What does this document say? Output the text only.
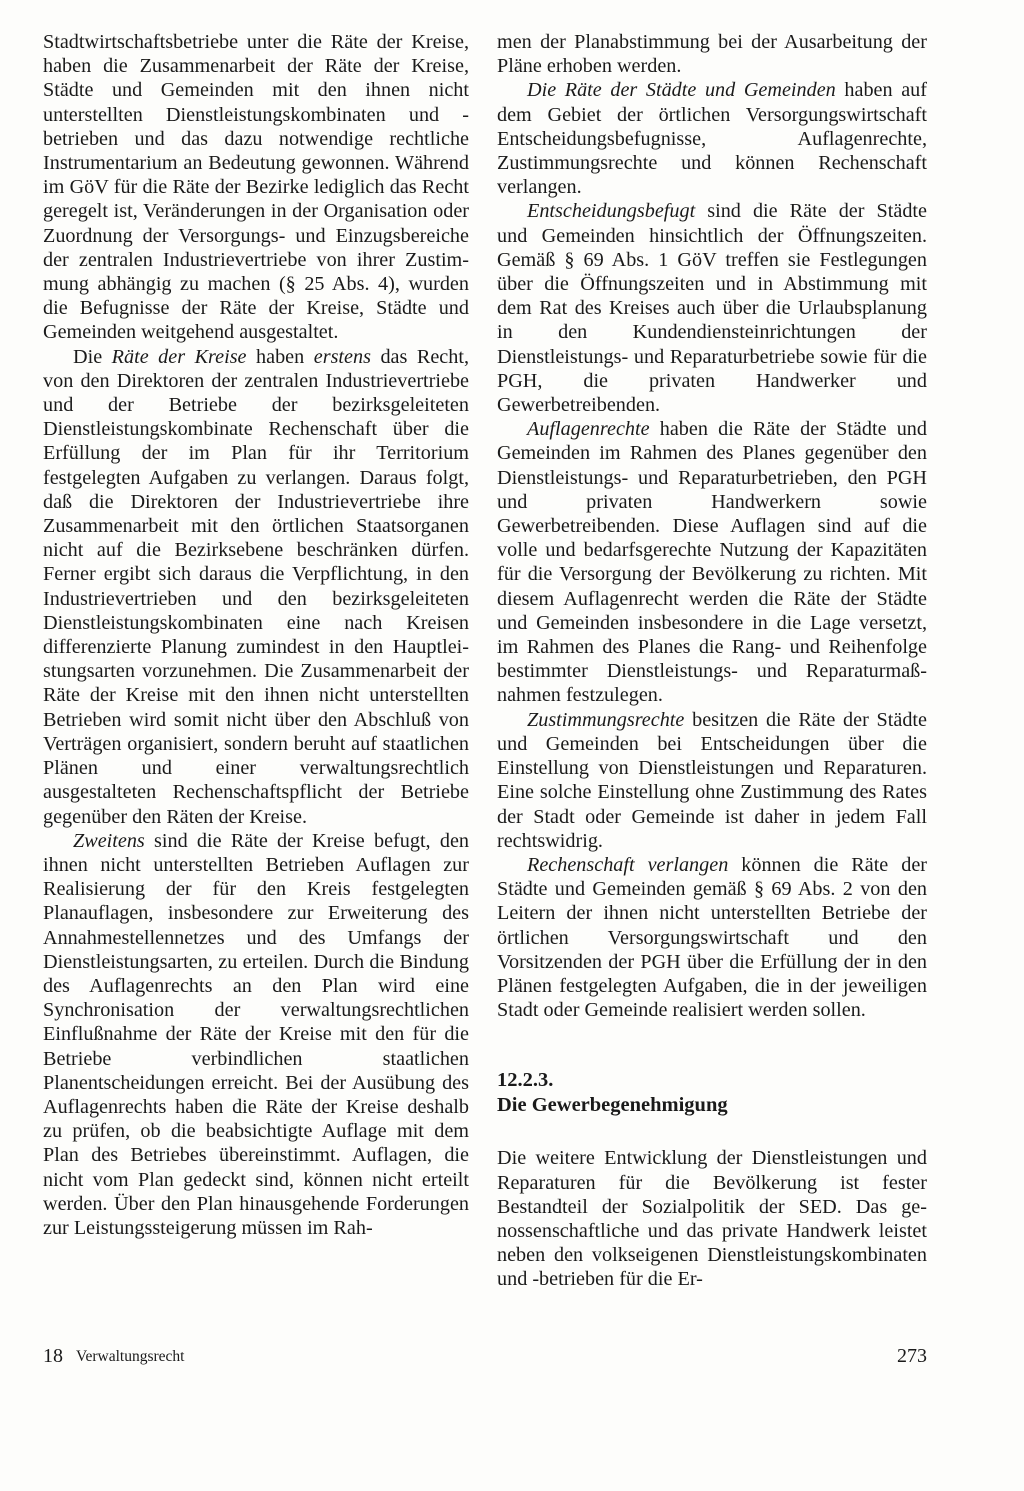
Stadtwirtschaftsbetriebe unter die Räte der Kreise, haben die Zusammenarbeit der Räte der Kreise, Städte und Gemeinden mit den ihnen nicht unterstellten Dienstleistungskombinaten und -betrieben und das dazu notwendige rechtliche Instrumentarium an Bedeutung gewonnen. Während im GöV für die Räte der Bezirke lediglich das Recht geregelt ist, Veränderungen in der Organisation oder Zuordnung der Versorgungs- und Einzugsbereiche der zentralen Industrievertriebe von ihrer Zustimmung abhängig zu machen (§ 25 Abs. 4), wurden die Befugnisse der Räte der Kreise, Städte und Gemeinden weitgehend ausgestaltet.

Die Räte der Kreise haben erstens das Recht, von den Direktoren der zentralen Industrievertriebe und der Betriebe der bezirksgeleiteten Dienstleistungskombinate Rechenschaft über die Erfüllung der im Plan für ihr Territorium festgelegten Aufgaben zu verlangen. Daraus folgt, daß die Direktoren der Industrievertriebe ihre Zusammenarbeit mit den örtlichen Staatsorganen nicht auf die Bezirksebene beschränken dürfen. Ferner ergibt sich daraus die Verpflichtung, in den Industrievertrieben und den bezirksgeleiteten Dienstleistungskombinaten eine nach Kreisen differenzierte Planung zumindest in den Hauptleistungsarten vorzunehmen. Die Zusammenarbeit der Räte der Kreise mit den ihnen nicht unterstellten Betrieben wird somit nicht über den Abschluß von Verträgen organisiert, sondern beruht auf staatlichen Plänen und einer verwaltungsrechtlich ausgestalteten Rechenschaftspflicht der Betriebe gegenüber den Räten der Kreise.

Zweitens sind die Räte der Kreise befugt, den ihnen nicht unterstellten Betrieben Auflagen zur Realisierung der für den Kreis festgelegten Planauflagen, insbesondere zur Erweiterung des Annahmestellennetzes und des Umfangs der Dienstleistungsarten, zu erteilen. Durch die Bindung des Auflagenrechts an den Plan wird eine Synchronisation der verwaltungsrechtlichen Einflußnahme der Räte der Kreise mit den für die Betriebe verbindlichen staatlichen Planentscheidungen erreicht. Bei der Ausübung des Auflagenrechts haben die Räte der Kreise deshalb zu prüfen, ob die beabsichtigte Auflage mit dem Plan des Betriebes übereinstimmt. Auflagen, die nicht vom Plan gedeckt sind, können nicht erteilt werden. Über den Plan hinausgehende Forderungen zur Leistungssteigerung müssen im Rah-

men der Planabstimmung bei der Ausarbeitung der Pläne erhoben werden.

Die Räte der Städte und Gemeinden haben auf dem Gebiet der örtlichen Versorgungswirtschaft Entscheidungsbefugnisse, Auflagenrechte, Zustimmungsrechte und können Rechenschaft verlangen.

Entscheidungsbefugt sind die Räte der Städte und Gemeinden hinsichtlich der Öffnungszeiten. Gemäß § 69 Abs. 1 GöV treffen sie Festlegungen über die Öffnungszeiten und in Abstimmung mit dem Rat des Kreises auch über die Urlaubsplanung in den Kundendiensteinrichtungen der Dienstleistungs- und Reparaturbetriebe sowie für die PGH, die privaten Handwerker und Gewerbetreibenden.

Auflagenrechte haben die Räte der Städte und Gemeinden im Rahmen des Planes gegenüber den Dienstleistungs- und Reparaturbetrieben, den PGH und privaten Handwerkern sowie Gewerbetreibenden. Diese Auflagen sind auf die volle und bedarfsgerechte Nutzung der Kapazitäten für die Versorgung der Bevölkerung zu richten. Mit diesem Auflagenrecht werden die Räte der Städte und Gemeinden insbesondere in die Lage versetzt, im Rahmen des Planes die Rang- und Reihenfolge bestimmter Dienstleistungs- und Reparaturmaßnahmen festzulegen.

Zustimmungsrechte besitzen die Räte der Städte und Gemeinden bei Entscheidungen über die Einstellung von Dienstleistungen und Reparaturen. Eine solche Einstellung ohne Zustimmung des Rates der Stadt oder Gemeinde ist daher in jedem Fall rechtswidrig.

Rechenschaft verlangen können die Räte der Städte und Gemeinden gemäß § 69 Abs. 2 von den Leitern der ihnen nicht unterstellten Betriebe der örtlichen Versorgungswirtschaft und den Vorsitzenden der PGH über die Erfüllung der in den Plänen festgelegten Aufgaben, die in der jeweiligen Stadt oder Gemeinde realisiert werden sollen.

12.2.3.
Die Gewerbegenehmigung

Die weitere Entwicklung der Dienstleistungen und Reparaturen für die Bevölkerung ist fester Bestandteil der Sozialpolitik der SED. Das genossenschaftliche und das private Handwerk leistet neben den volkseigenen Dienstleistungskombinaten und -betrieben für die Er-

18 Verwaltungsrecht	273
